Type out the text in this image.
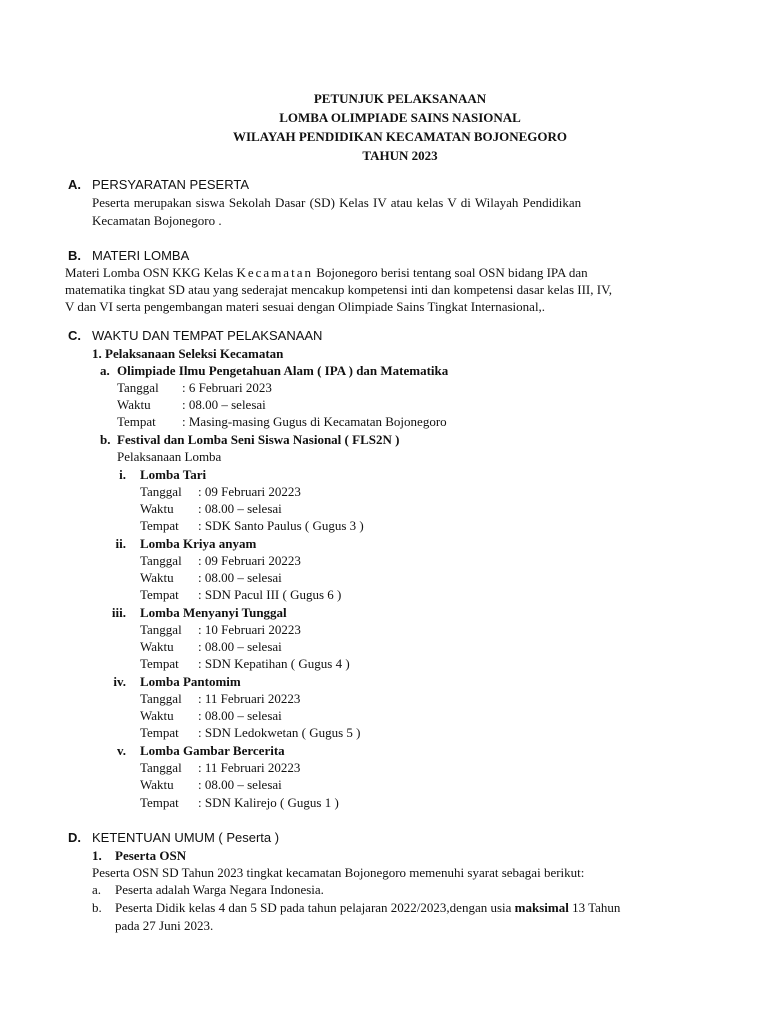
PETUNJUK PELAKSANAAN
LOMBA OLIMPIADE SAINS NASIONAL
WILAYAH PENDIDIKAN KECAMATAN BOJONEGORO
TAHUN 2023
A. PERSYARATAN PESERTA
Peserta merupakan siswa Sekolah Dasar (SD) Kelas IV atau kelas V di Wilayah Pendidikan
Kecamatan Bojonegoro .
B. MATERI LOMBA
Materi Lomba OSN KKG Kelas Kecamatan Bojonegoro berisi tentang soal OSN bidang IPA dan
matematika tingkat SD atau yang sederajat mencakup kompetensi inti dan kompetensi dasar kelas III, IV,
V dan VI serta pengembangan materi sesuai dengan Olimpiade Sains Tingkat Internasional,.
C. WAKTU DAN TEMPAT PELAKSANAAN
1. Pelaksanaan Seleksi Kecamatan
a. Olimpiade Ilmu Pengetahuan Alam ( IPA ) dan Matematika
Tanggal : 6 Februari 2023
Waktu : 08.00 – selesai
Tempat : Masing-masing Gugus di Kecamatan Bojonegoro
b. Festival dan Lomba Seni Siswa Nasional ( FLS2N )
Pelaksanaan Lomba
i. Lomba Tari
Tanggal : 09 Februari 20223
Waktu : 08.00 – selesai
Tempat : SDK Santo Paulus ( Gugus 3 )
ii. Lomba Kriya anyam
Tanggal : 09 Februari 20223
Waktu : 08.00 – selesai
Tempat : SDN Pacul III ( Gugus 6 )
iii. Lomba Menyanyi Tunggal
Tanggal : 10 Februari 20223
Waktu : 08.00 – selesai
Tempat : SDN Kepatihan ( Gugus 4 )
iv. Lomba Pantomim
Tanggal : 11 Februari 20223
Waktu : 08.00 – selesai
Tempat : SDN Ledokwetan ( Gugus 5 )
v. Lomba Gambar Bercerita
Tanggal : 11 Februari 20223
Waktu : 08.00 – selesai
Tempat : SDN Kalirejo ( Gugus 1 )
D. KETENTUAN UMUM ( Peserta )
1. Peserta OSN
Peserta OSN SD Tahun 2023 tingkat kecamatan Bojonegoro memenuhi syarat sebagai berikut:
a. Peserta adalah Warga Negara Indonesia.
b. Peserta Didik kelas 4 dan 5 SD pada tahun pelajaran 2022/2023,dengan usia maksimal 13 Tahun
pada 27 Juni 2023.
